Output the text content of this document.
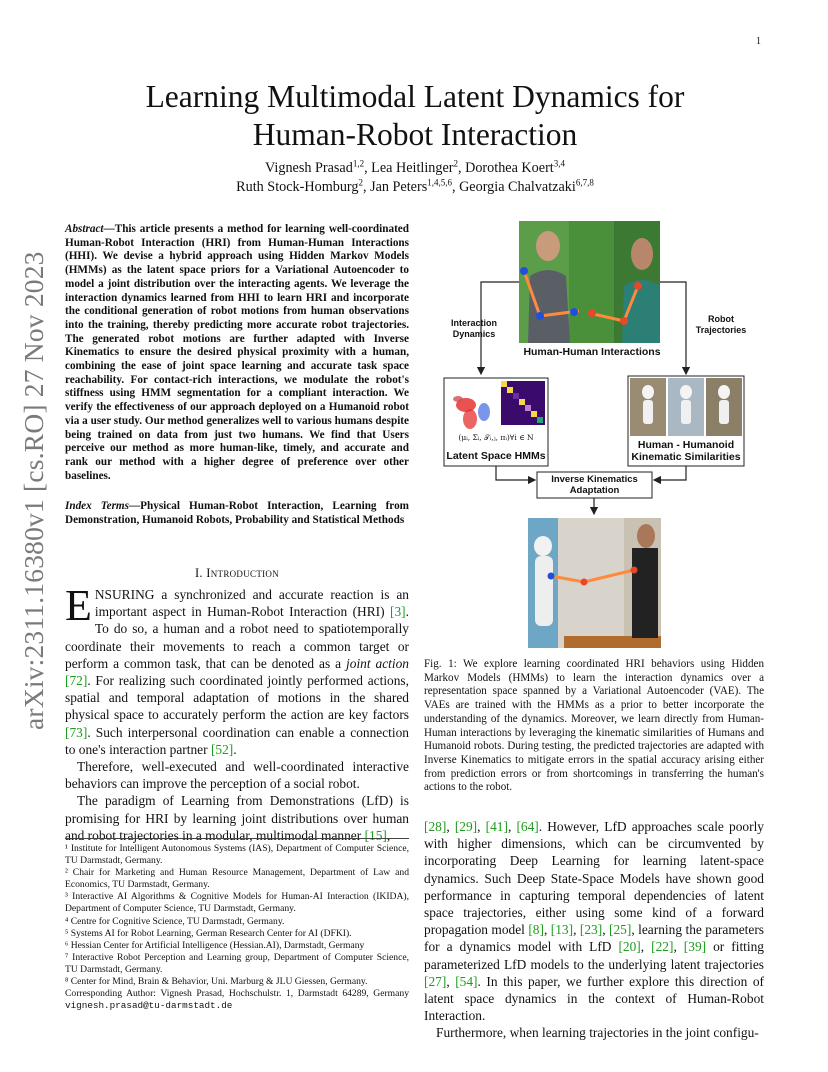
1
arXiv:2311.16380v1 [cs.RO] 27 Nov 2023
Learning Multimodal Latent Dynamics for
Human-Robot Interaction
Vignesh Prasad$^{1,2}$, Lea Heitlinger$^2$, Dorothea Koert$^{3,4}$
Ruth Stock-Homburg$^2$, Jan Peters$^{1,4,5,6}$, Georgia Chalvatzaki$^{6,7,8}$
Abstract—This article presents a method for learning well-coordinated Human-Robot Interaction (HRI) from Human-Human Interactions (HHI). We devise a hybrid approach using Hidden Markov Models (HMMs) as the latent space priors for a Variational Autoencoder to model a joint distribution over the interacting agents. We leverage the interaction dynamics learned from HHI to learn HRI and incorporate the conditional generation of robot motions from human observations into the training, thereby predicting more accurate robot trajectories. The generated robot motions are further adapted with Inverse Kinematics to ensure the desired physical proximity with a human, combining the ease of joint space learning and accurate task space reachability. For contact-rich interactions, we modulate the robot's stiffness using HMM segmentation for a compliant interaction. We verify the effectiveness of our approach deployed on a Humanoid robot via a user study. Our method generalizes well to various humans despite being trained on data from just two humans. We find that Users perceive our method as more human-like, timely, and accurate and rank our method with a higher degree of preference over other baselines.
Index Terms—Physical Human-Robot Interaction, Learning from Demonstration, Humanoid Robots, Probability and Statistical Methods
I. Introduction

ENSURING a synchronized and accurate reaction is an important aspect in Human-Robot Interaction (HRI) [3]. To do so, a human and a robot need to spatiotemporally coordinate their movements to reach a common target or perform a common task, that can be denoted as a joint action [72]. For realizing such coordinated jointly performed actions, spatial and temporal adaptation of motions in the shared physical space to accurately perform the action are key factors [73]. Such interpersonal coordination can enable a connection to one's interaction partner [52].

Therefore, well-executed and well-coordinated interactive behaviors can improve the perception of a social robot.

The paradigm of Learning from Demonstrations (LfD) is promising for HRI by learning joint distributions over human and robot trajectories in a modular, multimodal manner [15],

¹ Institute for Intelligent Autonomous Systems (IAS), Department of Computer Science, TU Darmstadt, Germany.
² Chair for Marketing and Human Resource Management, Department of Law and Economics, TU Darmstadt, Germany.
³ Interactive AI Algorithms & Cognitive Models for Human-AI Interaction (IKIDA), Department of Computer Science, TU Darmstadt, Germany.
⁴ Centre for Cognitive Science, TU Darmstadt, Germany.
⁵ Systems AI for Robot Learning, German Research Center for AI (DFKI).
⁶ Hessian Center for Artificial Intelligence (Hessian.AI), Darmstadt, Germany
⁷ Interactive Robot Perception and Learning group, Department of Computer Science, TU Darmstadt, Germany.
⁸ Center for Mind, Brain & Behavior, Uni. Marburg & JLU Giessen, Germany.
Corresponding Author: Vignesh Prasad, Hochschulstr. 1, Darmstadt 64289, Germany vignesh.prasad@tu-darmstadt.de
Interaction
Dynamics
Robot
Trajectories
Human-Human Interactions
(μᵢ, Σᵢ, 𝒯ᵢ,ⱼ, πᵢ)∀i ∈ N
Latent Space HMMs
Human - Humanoid
Kinematic Similarities
Inverse Kinematics
Adaptation
Fig. 1: We explore learning coordinated HRI behaviors using Hidden Markov Models (HMMs) to learn the interaction dynamics over a representation space spanned by a Variational Autoencoder (VAE). The VAEs are trained with the HMMs as a prior to better incorporate the understanding of the dynamics. Moreover, we learn directly from Human-Human interactions by leveraging the kinematic similarities of Humans and Humanoid robots. During testing, the predicted trajectories are adapted with Inverse Kinematics to mitigate errors in the spatial accuracy arising either from prediction errors or from shortcomings in transferring the human's actions to the robot.

[28], [29], [41], [64]. However, LfD approaches scale poorly with higher dimensions, which can be circumvented by incorporating Deep Learning for learning latent-space dynamics. Such Deep State-Space Models have shown good performance in capturing temporal dependencies of latent space trajectories, either using some kind of a forward propagation model [8], [13], [23], [25], learning the parameters for a dynamics model with LfD [20], [22], [39] or fitting parameterized LfD models to the underlying latent trajectories [27], [54]. In this paper, we further explore this direction of latent space dynamics in the context of Human-Robot Interaction.

Furthermore, when learning trajectories in the joint configu-
